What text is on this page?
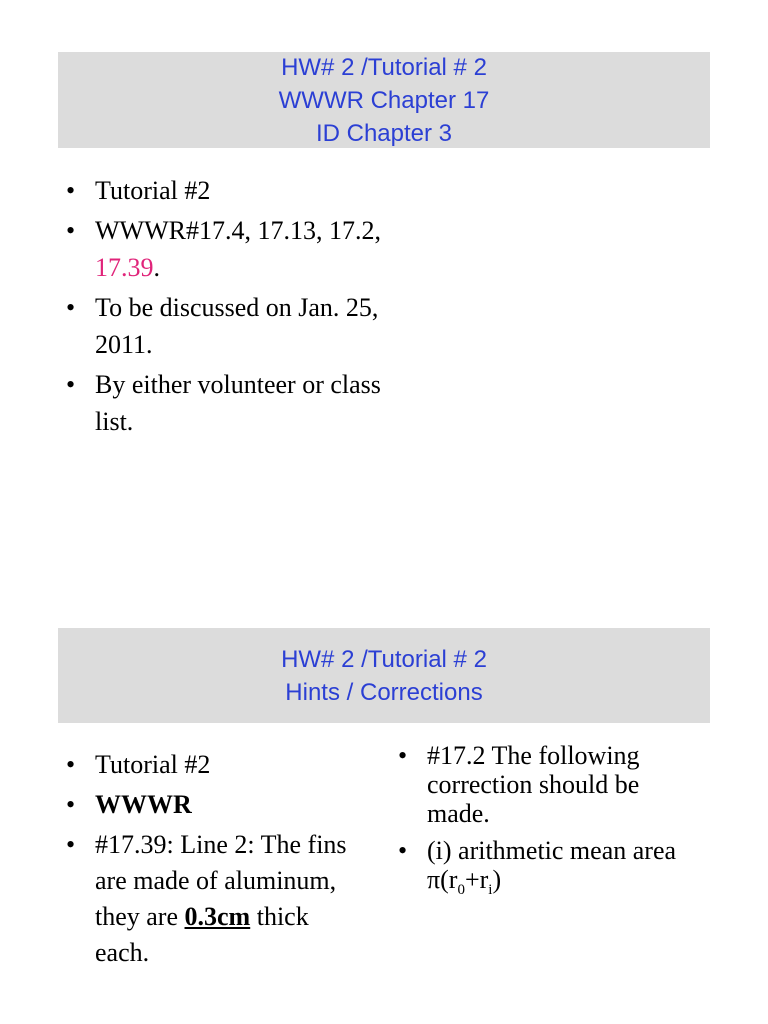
HW# 2 /Tutorial # 2
WWWR Chapter 17
ID Chapter 3
• Tutorial #2
• WWWR#17.4, 17.13, 17.2, 17.39.
• To be discussed on Jan. 25, 2011.
• By either volunteer or class list.
HW# 2 /Tutorial # 2
Hints / Corrections
• Tutorial #2
• WWWR
• #17.39: Line 2: The fins are made of aluminum, they are 0.3cm thick each.
• #17.2 The following correction should be made.
• (i) arithmetic mean area $\pi(r_0+r_i)$
